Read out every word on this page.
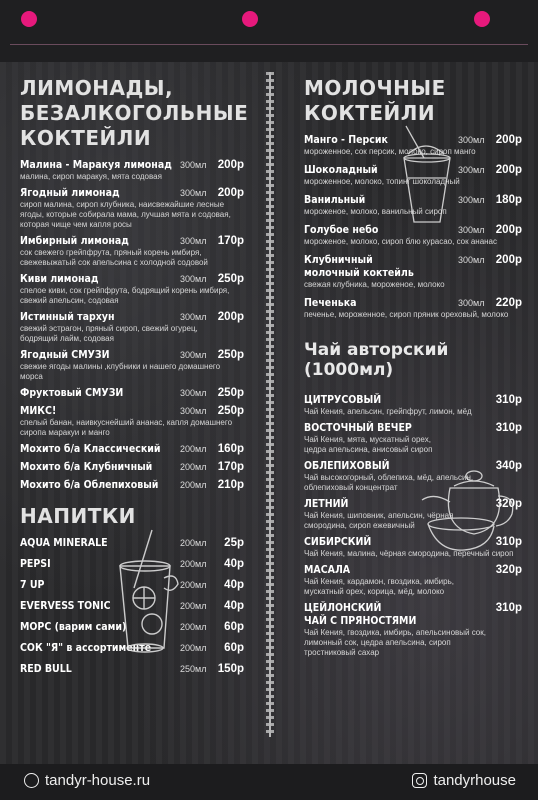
ЛИМОНАДЫ,
БЕЗАЛКОГОЛЬНЫЕ
КОКТЕЙЛИ
Малина - Маракуя лимонад 300мл 200р
малина, сироп маракуя, мята содовая
Ягодный лимонад	300мл 200р
сироп малина, сироп клубника, наисвежайшие лесные
ягоды, которые собирала мама, лучшая мята и содовая,
которая чище чем капля росы
Имбирный лимонад	300мл 170р
сок свежего грейпфрута, пряный корень имбиря,
свежевыжатый сок апельсина с холодной содовой
Киви лимонад	300мл 250р
спелое киви, сок грейпфрута, бодрящий корень имбиря,
свежий апельсин, содовая
Истинный тархун	300мл 200р
свежий эстрагон, пряный сироп, свежий огурец,
бодрящий лайм, содовая
Ягодный СМУЗИ	300мл 250р
свежие ягоды малины ,клубники и нашего домашнего морса
Фруктовый СМУЗИ	300мл 250р
МИКС!	300мл 250р
спелый банан, наивкуснейший ананас, капля домашнего
сиропа маракуи и манго
Мохито б/а Классический	200мл 160р
Мохито б/а Клубничный	200мл 170р
Мохито б/а Облепиховый	200мл 210р
НАПИТКИ
AQUA MINERALE	200мл	25р
PEPSI	200мл	40р
7 UP	200мл	40р
EVERVESS TONIC	200мл	40р
МОРС (варим сами)	200мл	60р
СОК "Я" в ассортименте	200мл	60р
RED BULL	250мл 150р
МОЛОЧНЫЕ
КОКТЕЙЛИ
Манго - Персик	300мл 200р
мороженное, сок персик, молоко, сироп манго
Шоколадный	300мл 200р
мороженное, молоко, топинг шоколадный
Ванильный	300мл 180р
мороженое, молоко, ванильный сироп
Голубое небо	300мл 200р
мороженое, молоко, сироп блю курасао, сок ананас
Клубничный
молочный коктейль
300мл 200р
свежая клубника, мороженое, молоко
Печенька	300мл 220р
печенье, мороженное, сироп пряник ореховый, молоко
Чай авторский (1000мл)
ЦИТРУСОВЫЙ	310р
Чай Кения, апельсин, грейпфрут, лимон, мёд
ВОСТОЧНЫЙ ВЕЧЕР	310р
Чай Кения, мята, мускатный орех,
цедра апельсина, анисовый сироп
ОБЛЕПИХОВЫЙ	340р
Чай высокогорный, облепиха, мёд, апельсин,
облепиховый концентрат
ЛЕТНИЙ	320р
Чай Кения, шиповник, апельсин, чёрная
смородина, сироп ежевичный
СИБИРСКИЙ	310р
Чай Кения, малина, чёрная смородина, перечный сироп
МАСАЛА	320р
Чай Кения, кардамон, гвоздика, имбирь,
мускатный орех, корица, мёд, молоко
ЦЕЙЛОНСКИЙ
ЧАЙ С ПРЯНОСТЯМИ
310р
Чай Кения, гвоздика, имбирь, апельсиновый сок,
лимонный сок, цедра апельсина, сироп
тростниковый сахар
tandyr-house.ru	tandyrhouse
